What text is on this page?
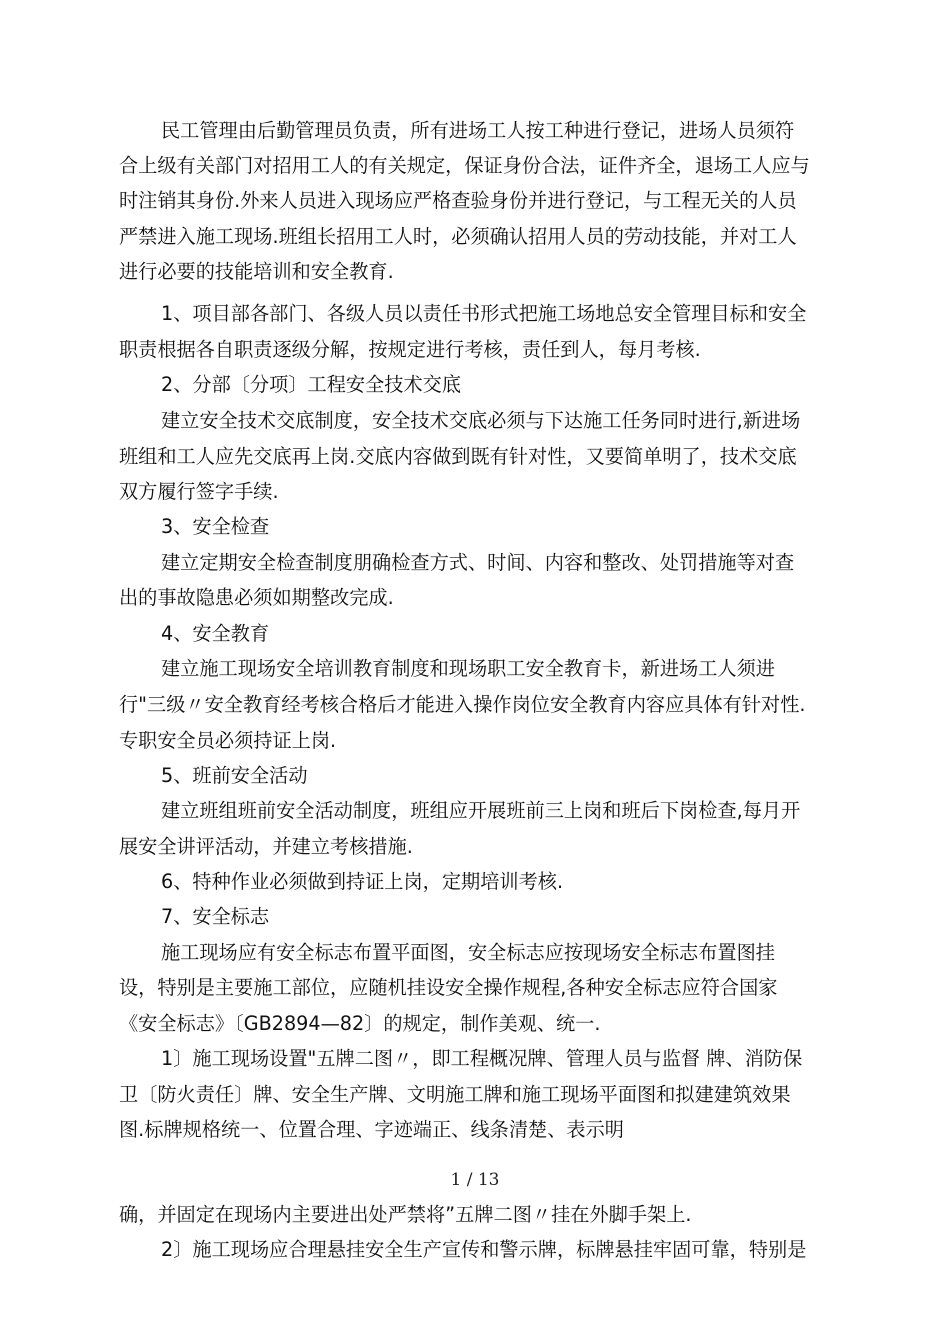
民工管理由后勤管理员负责，所有进场工人按工种进行登记，进场人员须符
合上级有关部门对招用工人的有关规定，保证身份合法，证件齐全，退场工人应与
时注销其身份.外来人员进入现场应严格查验身份并进行登记，与工程无关的人员
严禁进入施工现场.班组长招用工人时，必须确认招用人员的劳动技能，并对工人
进行必要的技能培训和安全教育.
1、项目部各部门、各级人员以责任书形式把施工场地总安全管理目标和安全
职责根据各自职责逐级分解，按规定进行考核，责任到人，每月考核.
2、分部〔分项〕工程安全技术交底
建立安全技术交底制度，安全技术交底必须与下达施工任务同时进行,新进场
班组和工人应先交底再上岗.交底内容做到既有针对性，又要简单明了，技术交底
双方履行签字手续.
3、安全检查
建立定期安全检查制度朋确检查方式、时间、内容和整改、处罚措施等对查
出的事故隐患必须如期整改完成.
4、安全教育
建立施工现场安全培训教育制度和现场职工安全教育卡，新进场工人须进
行"三级〃安全教育经考核合格后才能进入操作岗位安全教育内容应具体有针对性.
专职安全员必须持证上岗.
5、班前安全活动
建立班组班前安全活动制度，班组应开展班前三上岗和班后下岗检查,每月开
展安全讲评活动，并建立考核措施.
6、特种作业必须做到持证上岗，定期培训考核.
7、安全标志
施工现场应有安全标志布置平面图，安全标志应按现场安全标志布置图挂
设，特别是主要施工部位，应随机挂设安全操作规程,各种安全标志应符合国家
《安全标志》〔GB2894—82〕的规定，制作美观、统一.
1〕施工现场设置"五牌二图〃，即工程概况牌、管理人员与监督 牌、消防保
卫〔防火责任〕牌、安全生产牌、文明施工牌和施工现场平面图和拟建建筑效果
图.标牌规格统一、位置合理、字迹端正、线条清楚、表示明
确，并固定在现场内主要进出处严禁将”五牌二图〃挂在外脚手架上.
2〕施工现场应合理悬挂安全生产宣传和警示牌，标牌悬挂牢固可靠，特别是
1 / 13
